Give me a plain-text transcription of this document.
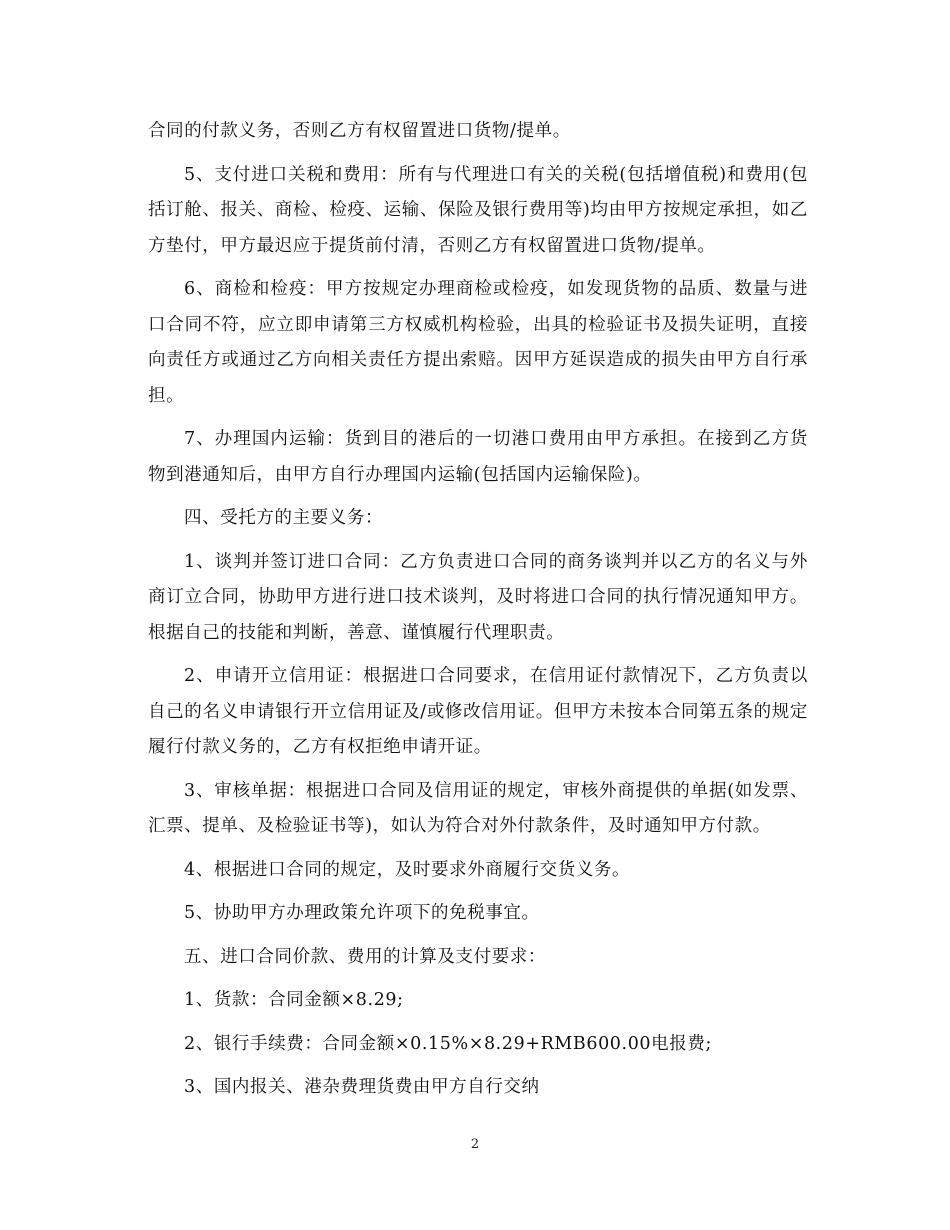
合同的付款义务，否则乙方有权留置进口货物/提单。

5、支付进口关税和费用：所有与代理进口有关的关税(包括增值税)和费用(包括订舱、报关、商检、检疫、运输、保险及银行费用等)均由甲方按规定承担，如乙方垫付，甲方最迟应于提货前付清，否则乙方有权留置进口货物/提单。

6、商检和检疫：甲方按规定办理商检或检疫，如发现货物的品质、数量与进口合同不符，应立即申请第三方权威机构检验，出具的检验证书及损失证明，直接向责任方或通过乙方向相关责任方提出索赔。因甲方延误造成的损失由甲方自行承担。

7、办理国内运输：货到目的港后的一切港口费用由甲方承担。在接到乙方货物到港通知后，由甲方自行办理国内运输(包括国内运输保险)。

四、受托方的主要义务：

1、谈判并签订进口合同：乙方负责进口合同的商务谈判并以乙方的名义与外商订立合同，协助甲方进行进口技术谈判，及时将进口合同的执行情况通知甲方。根据自己的技能和判断，善意、谨慎履行代理职责。

2、申请开立信用证：根据进口合同要求，在信用证付款情况下，乙方负责以自己的名义申请银行开立信用证及/或修改信用证。但甲方未按本合同第五条的规定履行付款义务的，乙方有权拒绝申请开证。

3、审核单据：根据进口合同及信用证的规定，审核外商提供的单据(如发票、汇票、提单、及检验证书等)，如认为符合对外付款条件，及时通知甲方付款。

4、根据进口合同的规定，及时要求外商履行交货义务。

5、协助甲方办理政策允许项下的免税事宜。

五、进口合同价款、费用的计算及支付要求：

1、货款：合同金额×8.29;

2、银行手续费：合同金额×0.15%×8.29+RMB600.00电报费;

3、国内报关、港杂费理货费由甲方自行交纳

2
